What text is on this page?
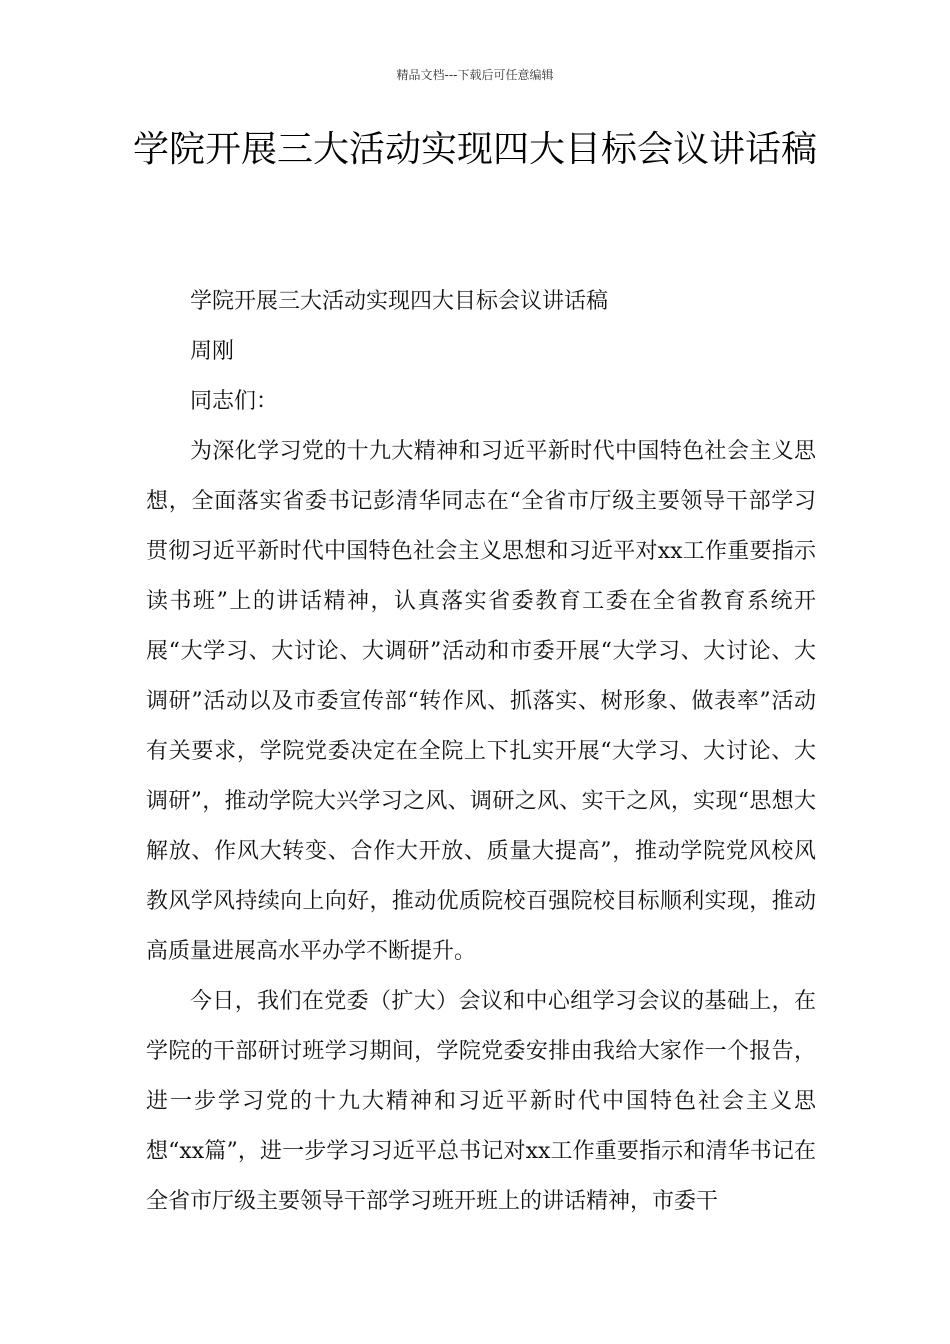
精品文档---下载后可任意编辑
学院开展三大活动实现四大目标会议讲话稿

学院开展三大活动实现四大目标会议讲话稿

周刚

同志们：

为深化学习党的十九大精神和习近平新时代中国特色社会主义思想，全面落实省委书记彭清华同志在“全省市厅级主要领导干部学习贯彻习近平新时代中国特色社会主义思想和习近平对xx工作重要指示读书班”上的讲话精神，认真落实省委教育工委在全省教育系统开展“大学习、大讨论、大调研”活动和市委开展“大学习、大讨论、大调研”活动以及市委宣传部“转作风、抓落实、树形象、做表率”活动有关要求，学院党委决定在全院上下扎实开展“大学习、大讨论、大调研”，推动学院大兴学习之风、调研之风、实干之风，实现“思想大解放、作风大转变、合作大开放、质量大提高”，推动学院党风校风教风学风持续向上向好，推动优质院校百强院校目标顺利实现，推动高质量进展高水平办学不断提升。

今日，我们在党委（扩大）会议和中心组学习会议的基础上，在学院的干部研讨班学习期间，学院党委安排由我给大家作一个报告，进一步学习党的十九大精神和习近平新时代中国特色社会主义思想“xx篇”，进一步学习习近平总书记对xx工作重要指示和清华书记在全省市厅级主要领导干部学习班开班上的讲话精神，市委干
